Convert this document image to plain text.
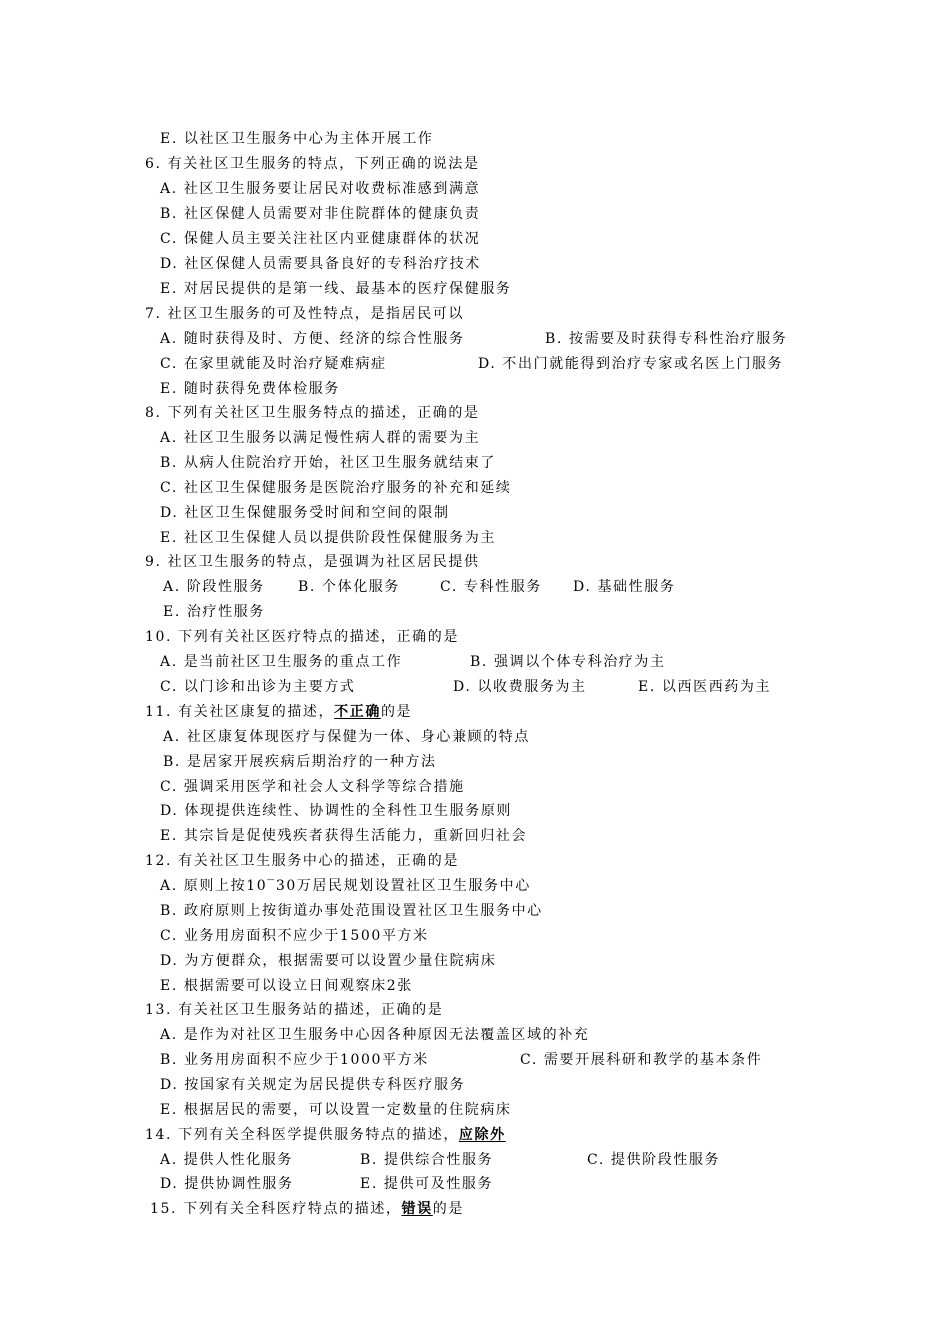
E. 以社区卫生服务中心为主体开展工作
6. 有关社区卫生服务的特点，下列正确的说法是
A. 社区卫生服务要让居民对收费标准感到满意
B. 社区保健人员需要对非住院群体的健康负责
C. 保健人员主要关注社区内亚健康群体的状况
D. 社区保健人员需要具备良好的专科治疗技术
E. 对居民提供的是第一线、最基本的医疗保健服务
7. 社区卫生服务的可及性特点，是指居民可以
A. 随时获得及时、方便、经济的综合性服务	B. 按需要及时获得专科性治疗服务
C. 在家里就能及时治疗疑难病症	D. 不出门就能得到治疗专家或名医上门服务
E. 随时获得免费体检服务
8. 下列有关社区卫生服务特点的描述，正确的是
A. 社区卫生服务以满足慢性病人群的需要为主
B. 从病人住院治疗开始，社区卫生服务就结束了
C. 社区卫生保健服务是医院治疗服务的补充和延续
D. 社区卫生保健服务受时间和空间的限制
E. 社区卫生保健人员以提供阶段性保健服务为主
9. 社区卫生服务的特点，是强调为社区居民提供
A. 阶段性服务 B. 个体化服务	C. 专科性服务 D. 基础性服务
E. 治疗性服务
10. 下列有关社区医疗特点的描述，正确的是
A. 是当前社区卫生服务的重点工作	B. 强调以个体专科治疗为主
C. 以门诊和出诊为主要方式	D. 以收费服务为主	E. 以西医西药为主
11. 有关社区康复的描述，不正确的是
A. 社区康复体现医疗与保健为一体、身心兼顾的特点
B. 是居家开展疾病后期治疗的一种方法
C. 强调采用医学和社会人文科学等综合措施
D. 体现提供连续性、协调性的全科性卫生服务原则
E. 其宗旨是促使残疾者获得生活能力，重新回归社会
12. 有关社区卫生服务中心的描述，正确的是
A. 原则上按10‾30万居民规划设置社区卫生服务中心
B. 政府原则上按街道办事处范围设置社区卫生服务中心
C. 业务用房面积不应少于1500平方米
D. 为方便群众，根据需要可以设置少量住院病床
E. 根据需要可以设立日间观察床2张
13. 有关社区卫生服务站的描述，正确的是
A. 是作为对社区卫生服务中心因各种原因无法覆盖区域的补充
B. 业务用房面积不应少于1000平方米	C. 需要开展科研和教学的基本条件
D. 按国家有关规定为居民提供专科医疗服务
E. 根据居民的需要，可以设置一定数量的住院病床
14. 下列有关全科医学提供服务特点的描述，应除外
A. 提供人性化服务	B. 提供综合性服务	C. 提供阶段性服务
D. 提供协调性服务	E. 提供可及性服务
15. 下列有关全科医疗特点的描述，错误的是
